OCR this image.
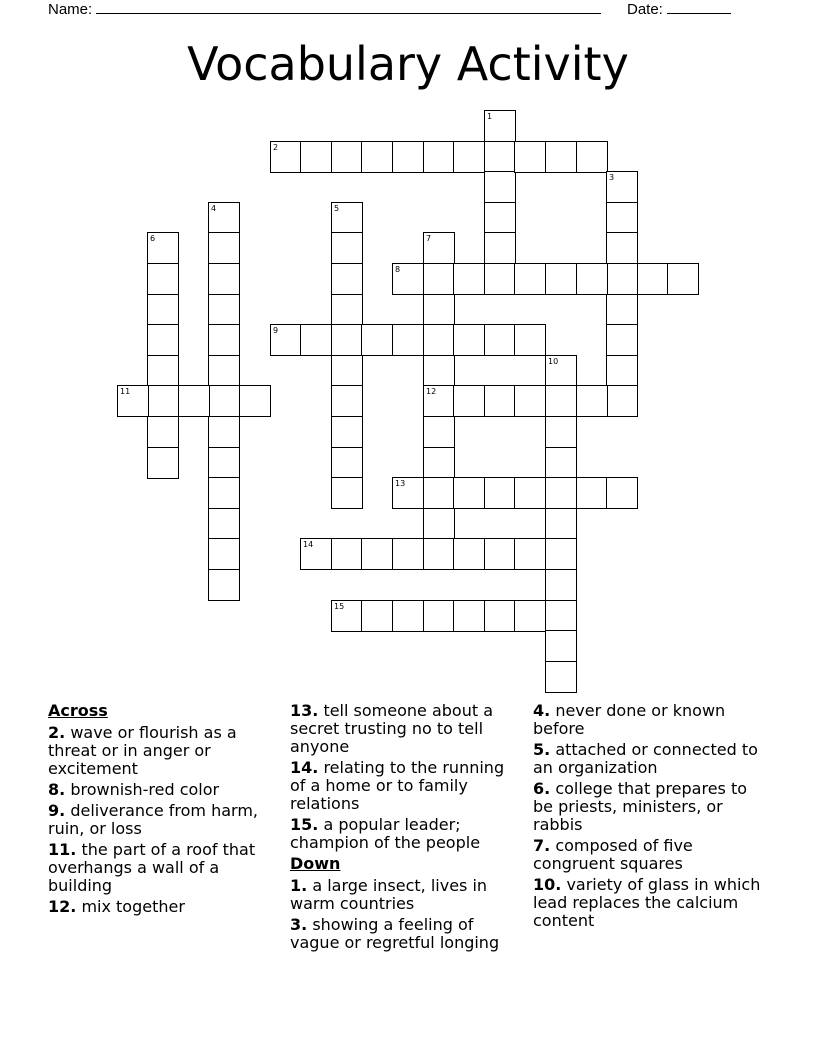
Name:	Date:
Vocabulary Activity
1
2
3
4	5
6	7
12
8
9
10
11
13
14
15
Across
2. wave or flourish as a threat or in anger or excitement
8. brownish-red color
9. deliverance from harm, ruin, or loss
11. the part of a roof that overhangs a wall of a building
12. mix together
13. tell someone about a secret trusting no to tell anyone
14. relating to the running of a home or to family relations
15. a popular leader; champion of the people
Down
1. a large insect, lives in warm countries
3. showing a feeling of vague or regretful longing
4. never done or known before
5. attached or connected to an organization
6. college that prepares to be priests, ministers, or rabbis
7. composed of five congruent squares
10. variety of glass in which lead replaces the calcium content
